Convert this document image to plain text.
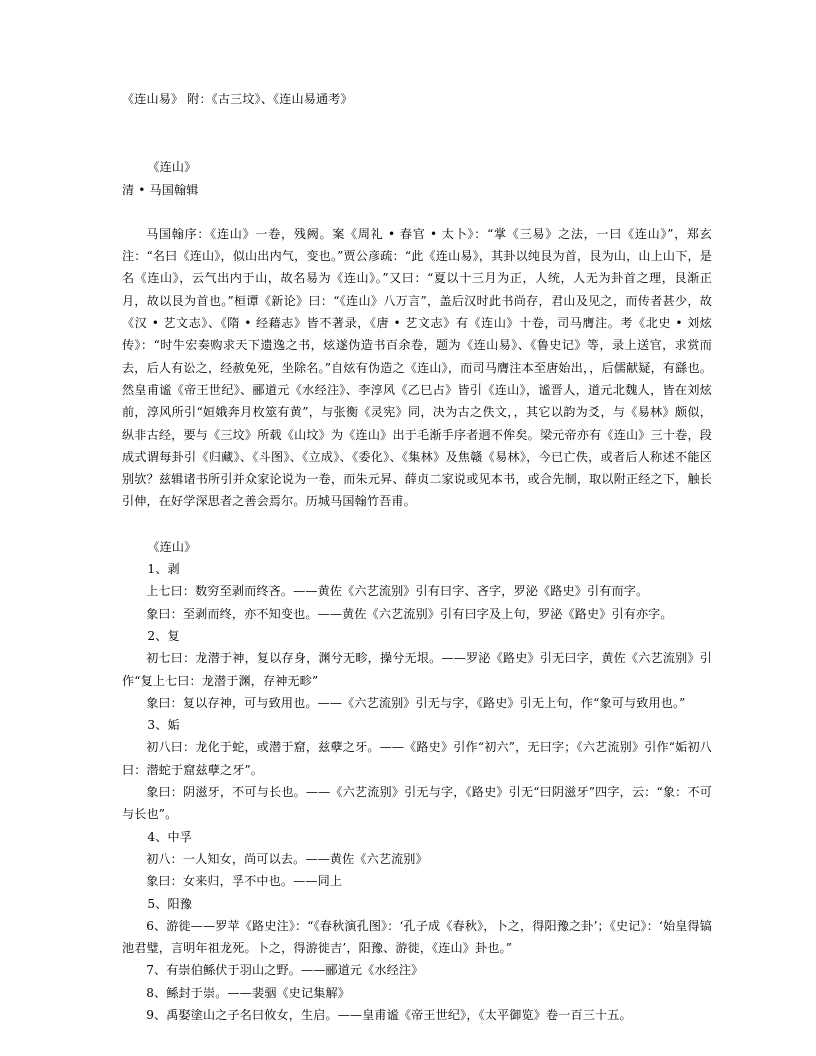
《连山易》 附：《古三坟》、《连山易通考》
《连山》
清 • 马国翰辑
马国翰序：《连山》一卷，残阙。案《周礼 • 春官 • 太卜》：“掌《三易》之法，一曰《连山》”，郑玄注：“名曰《连山》，似山出内气，变也。”贾公彦疏：“此《连山易》，其卦以纯艮为首，艮为山，山上山下，是名《连山》，云气出内于山，故名易为《连山》。”又曰：“夏以十三月为正，人统，人无为卦首之理，艮渐正月，故以艮为首也。”桓谭《新论》曰：“《连山》八万言”，盖后汉时此书尚存，君山及见之，而传者甚少，故《汉 • 艺文志》、《隋 • 经藉志》皆不著录，《唐 • 艺文志》有《连山》十卷，司马膺注。考《北史 • 刘炫传》：“时牛宏奏购求天下遗逸之书，炫遂伪造书百余卷，题为《连山易》、《鲁史记》等，录上送官，求赏而去，后人有讼之，经赦免死，坐除名。”自炫有伪造之《连山》，而司马膺注本至唐始出，，后儒献疑，有繇也。然皇甫谧《帝王世纪》、郦道元《水经注》、李淳风《乙巳占》皆引《连山》，谧晋人，道元北魏人，皆在刘炫前，淳风所引“姮娥奔月枚筮有黄”，与张衡《灵宪》同，决为古之佚文，，其它以韵为爻，与《易林》颇似，纵非古经，要与《三坟》所载《山坟》为《连山》出于毛渐手序者迥不侔矣。梁元帝亦有《连山》三十卷，段成式谓每卦引《归藏》、《斗图》、《立成》、《委化》、《集林》及焦赣《易林》，今已亡佚，或者后人称述不能区别欤？兹辑诸书所引并众家论说为一卷，而朱元昇、薛贞二家说或见本书，或合先制，取以附正经之下，触长引伸，在好学深思者之善会焉尔。历城马国翰竹吾甫。
《连山》
1、剥
上七曰：数穷至剥而终吝。——黄佐《六艺流别》引有曰字、吝字，罗泌《路史》引有而字。
象曰：至剥而终，亦不知变也。——黄佐《六艺流别》引有曰字及上句，罗泌《路史》引有亦字。
2、复
初七曰：龙潜于神，复以存身，渊兮无畛，操兮无垠。——罗泌《路史》引无曰字，黄佐《六艺流别》引作“复上七曰：龙潜于渊，存神无畛”
象曰：复以存神，可与致用也。——《六艺流别》引无与字，《路史》引无上句，作“象可与致用也。”
3、姤
初八曰：龙化于蛇，或潜于窟，兹孽之牙。——《路史》引作“初六”，无曰字；《六艺流别》引作“姤初八曰：潜蛇于窟兹孽之牙”。
象曰：阴滋牙，不可与长也。——《六艺流别》引无与字，《路史》引无“曰阴滋牙”四字，云：“象：不可与长也”。
4、中孚
初八：一人知女，尚可以去。——黄佐《六艺流别》
象曰：女来归，孚不中也。——同上
5、阳豫
6、游徙——罗苹《路史注》：“《春秋演孔图》：‘孔子成《春秋》，卜之，得阳豫之卦’；《史记》：‘始皇得镐池君璧，言明年祖龙死。卜之，得游徙吉’，阳豫、游徙，《连山》卦也。”
7、有崇伯鲧伏于羽山之野。——郦道元《水经注》
8、鲧封于崇。——裴骃《史记集解》
9、禹娶塗山之子名曰攸女，生启。——皇甫谧《帝王世纪》，《太平御览》卷一百三十五。
